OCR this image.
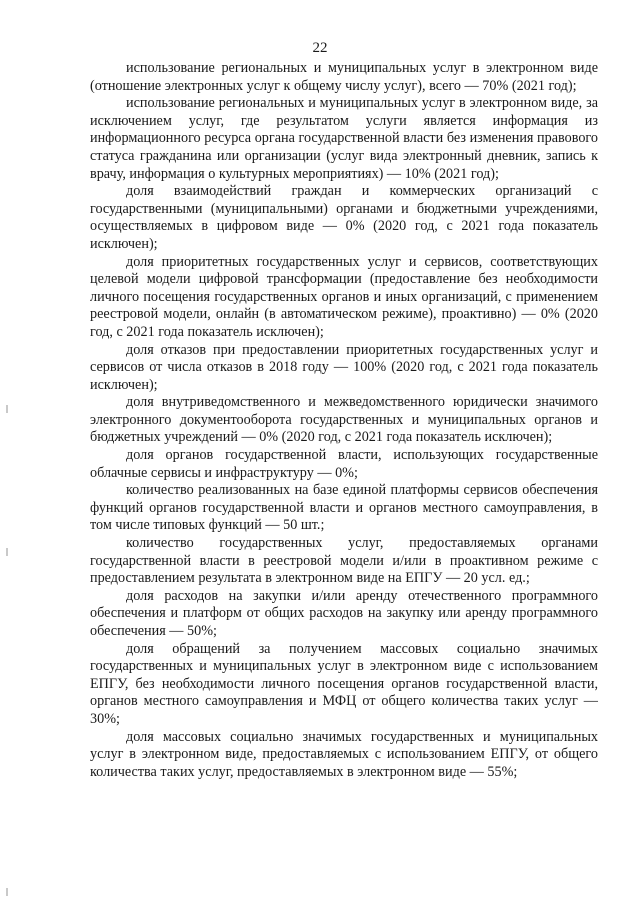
22

использование региональных и муниципальных услуг в электронном виде (отношение электронных услуг к общему числу услуг), всего — 70% (2021 год);

использование региональных и муниципальных услуг в электронном виде, за исключением услуг, где результатом услуги является информация из информационного ресурса органа государственной власти без изменения правового статуса гражданина или организации (услуг вида электронный дневник, запись к врачу, информация о культурных мероприятиях) — 10% (2021 год);

доля взаимодействий граждан и коммерческих организаций с государственными (муниципальными) органами и бюджетными учреждениями, осуществляемых в цифровом виде — 0% (2020 год, с 2021 года показатель исключен);

доля приоритетных государственных услуг и сервисов, соответствующих целевой модели цифровой трансформации (предоставление без необходимости личного посещения государственных органов и иных организаций, с применением реестровой модели, онлайн (в автоматическом режиме), проактивно) — 0% (2020 год, с 2021 года показатель исключен);

доля отказов при предоставлении приоритетных государственных услуг и сервисов от числа отказов в 2018 году — 100% (2020 год, с 2021 года показатель исключен);

доля внутриведомственного и межведомственного юридически значимого электронного документооборота государственных и муниципальных органов и бюджетных учреждений — 0% (2020 год, с 2021 года показатель исключен);

доля органов государственной власти, использующих государственные облачные сервисы и инфраструктуру — 0%;

количество реализованных на базе единой платформы сервисов обеспечения функций органов государственной власти и органов местного самоуправления, в том числе типовых функций — 50 шт.;

количество государственных услуг, предоставляемых органами государственной власти в реестровой модели и/или в проактивном режиме с предоставлением результата в электронном виде на ЕПГУ — 20 усл. ед.;

доля расходов на закупки и/или аренду отечественного программного обеспечения и платформ от общих расходов на закупку или аренду программного обеспечения — 50%;

доля обращений за получением массовых социально значимых государственных и муниципальных услуг в электронном виде с использованием ЕПГУ, без необходимости личного посещения органов государственной власти, органов местного самоуправления и МФЦ от общего количества таких услуг — 30%;

доля массовых социально значимых государственных и муниципальных услуг в электронном виде, предоставляемых с использованием ЕПГУ, от общего количества таких услуг, предоставляемых в электронном виде — 55%;
